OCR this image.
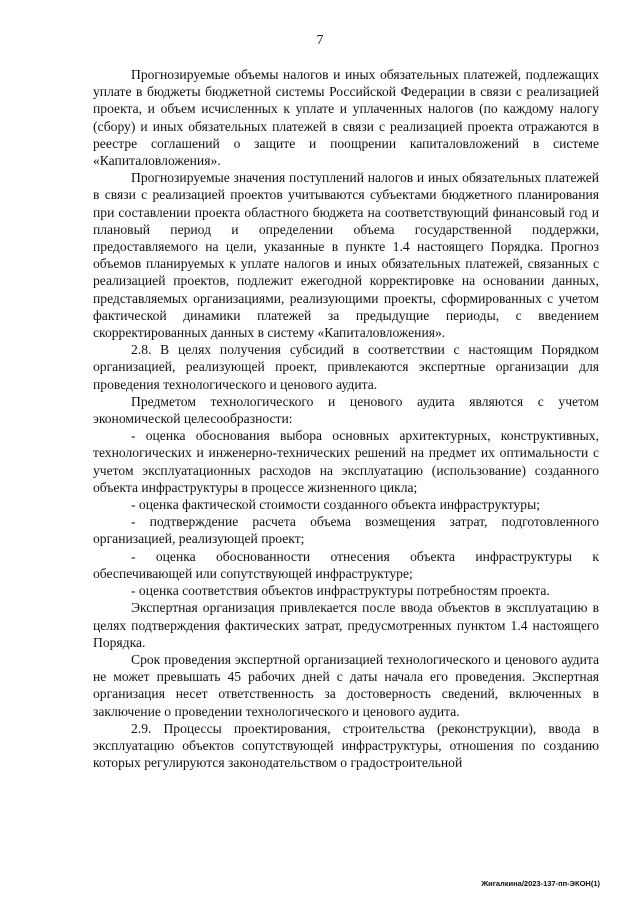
7

Прогнозируемые объемы налогов и иных обязательных платежей, подлежащих уплате в бюджеты бюджетной системы Российской Федерации в связи с реализацией проекта, и объем исчисленных к уплате и уплаченных налогов (по каждому налогу (сбору) и иных обязательных платежей в связи с реализацией проекта отражаются в реестре соглашений о защите и поощрении капиталовложений в системе «Капиталовложения».

Прогнозируемые значения поступлений налогов и иных обязательных платежей в связи с реализацией проектов учитываются субъектами бюджетного планирования при составлении проекта областного бюджета на соответствующий финансовый год и плановый период и определении объема государственной поддержки, предоставляемого на цели, указанные в пункте 1.4 настоящего Порядка. Прогноз объемов планируемых к уплате налогов и иных обязательных платежей, связанных с реализацией проектов, подлежит ежегодной корректировке на основании данных, представляемых организациями, реализующими проекты, сформированных с учетом фактической динамики платежей за предыдущие периоды, с введением скорректированных данных в систему «Капиталовложения».

2.8. В целях получения субсидий в соответствии с настоящим Порядком организацией, реализующей проект, привлекаются экспертные организации для проведения технологического и ценового аудита.

Предметом технологического и ценового аудита являются с учетом экономической целесообразности:

- оценка обоснования выбора основных архитектурных, конструктивных, технологических и инженерно-технических решений на предмет их оптимальности с учетом эксплуатационных расходов на эксплуатацию (использование) созданного объекта инфраструктуры в процессе жизненного цикла;

- оценка фактической стоимости созданного объекта инфраструктуры;

- подтверждение расчета объема возмещения затрат, подготовленного организацией, реализующей проект;

- оценка обоснованности отнесения объекта инфраструктуры к обеспечивающей или сопутствующей инфраструктуре;

- оценка соответствия объектов инфраструктуры потребностям проекта.

Экспертная организация привлекается после ввода объектов в эксплуатацию в целях подтверждения фактических затрат, предусмотренных пунктом 1.4 настоящего Порядка.

Срок проведения экспертной организацией технологического и ценового аудита не может превышать 45 рабочих дней с даты начала его проведения. Экспертная организация несет ответственность за достоверность сведений, включенных в заключение о проведении технологического и ценового аудита.

2.9. Процессы проектирования, строительства (реконструкции), ввода в эксплуатацию объектов сопутствующей инфраструктуры, отношения по созданию которых регулируются законодательством о градостроительной

Жигалкина/2023-137-пп-ЭКОН(1)
